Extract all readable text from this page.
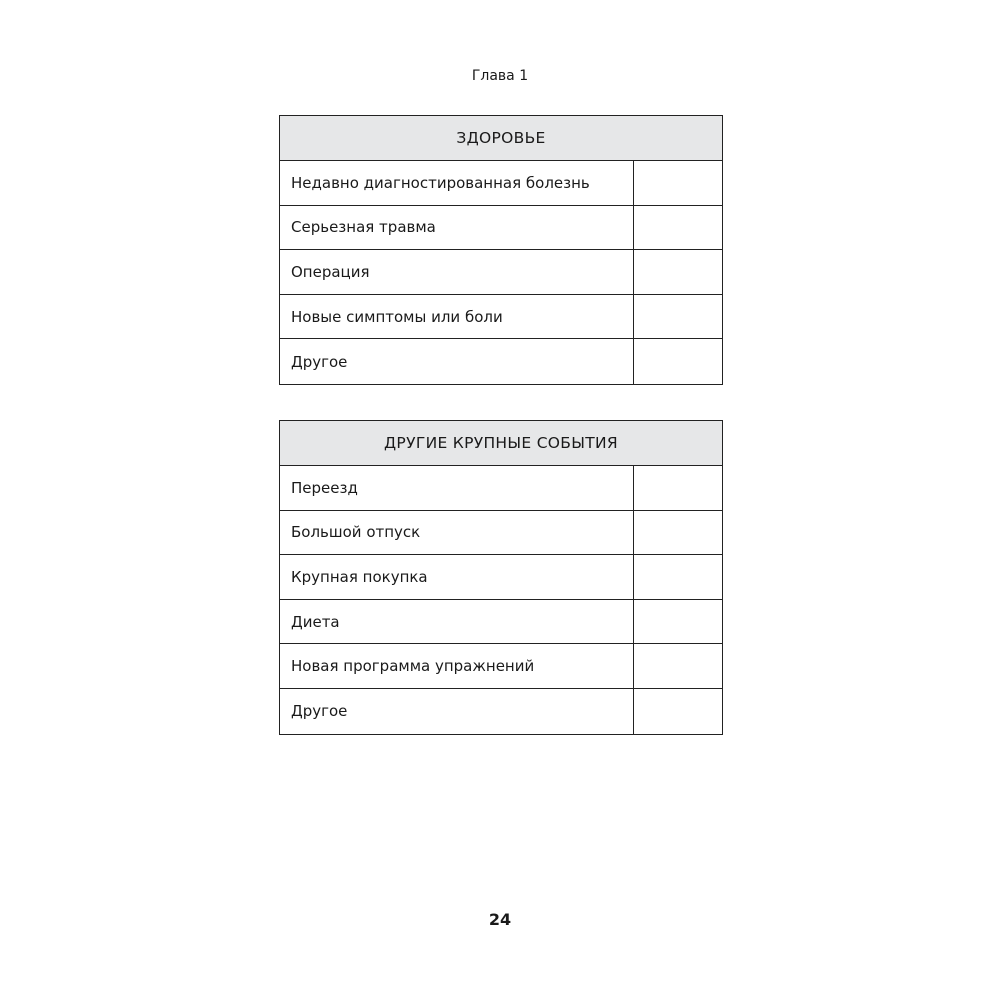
Глава 1
ЗДОРОВЬЕ
Недавно диагностированная болезнь
Серьезная травма
Операция
Новые симптомы или боли
Другое
ДРУГИЕ КРУПНЫЕ СОБЫТИЯ
Переезд
Большой отпуск
Крупная покупка
Диета
Новая программа упражнений
Другое
24
